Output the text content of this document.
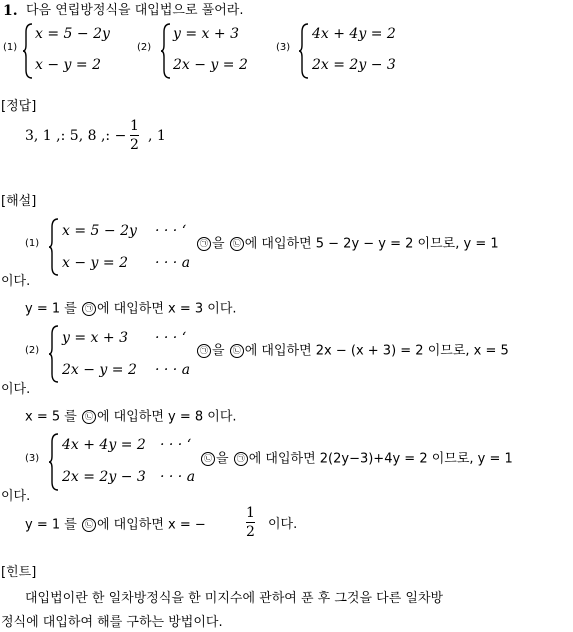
1. 다음 연립방정식을 대입법으로 풀어라.
(1)
x = 5 − 2y
x − y = 2
(2)
y = x + 3
2x − y = 2
(3)
4x + 4y = 2
2x = 2y − 3
[정답]
3, 1 ,: 5, 8 ,: −
1
2
, 1
[해설]
(1)
x = 5 − 2y · · · ‘
x − y = 2 · · · a
㉠ 을 ㉡ 에 대입하면 5 − 2y − y = 2 이므로, y = 1
이다.
y = 1 를 ㉠ 에 대입하면 x = 3 이다.
(2)
y = x + 3 · · · ‘
2x − y = 2 · · · a
㉠ 을 ㉡ 에 대입하면 2x − (x + 3) = 2 이므로, x = 5
이다.
x = 5 를 ㉡ 에 대입하면 y = 8 이다.
(3)
4x + 4y = 2 · · · ‘
2x = 2y − 3 · · · a
㉡ 을 ㉠ 에 대입하면 2(2y−3)+4y = 2 이므로, y = 1
이다.
y = 1 를 ㉡ 에 대입하면 x = −
1
2 이다.
[힌트]
대입법이란 한 일차방정식을 한 미지수에 관하여 푼 후 그것을 다른 일차방
정식에 대입하여 해를 구하는 방법이다.
